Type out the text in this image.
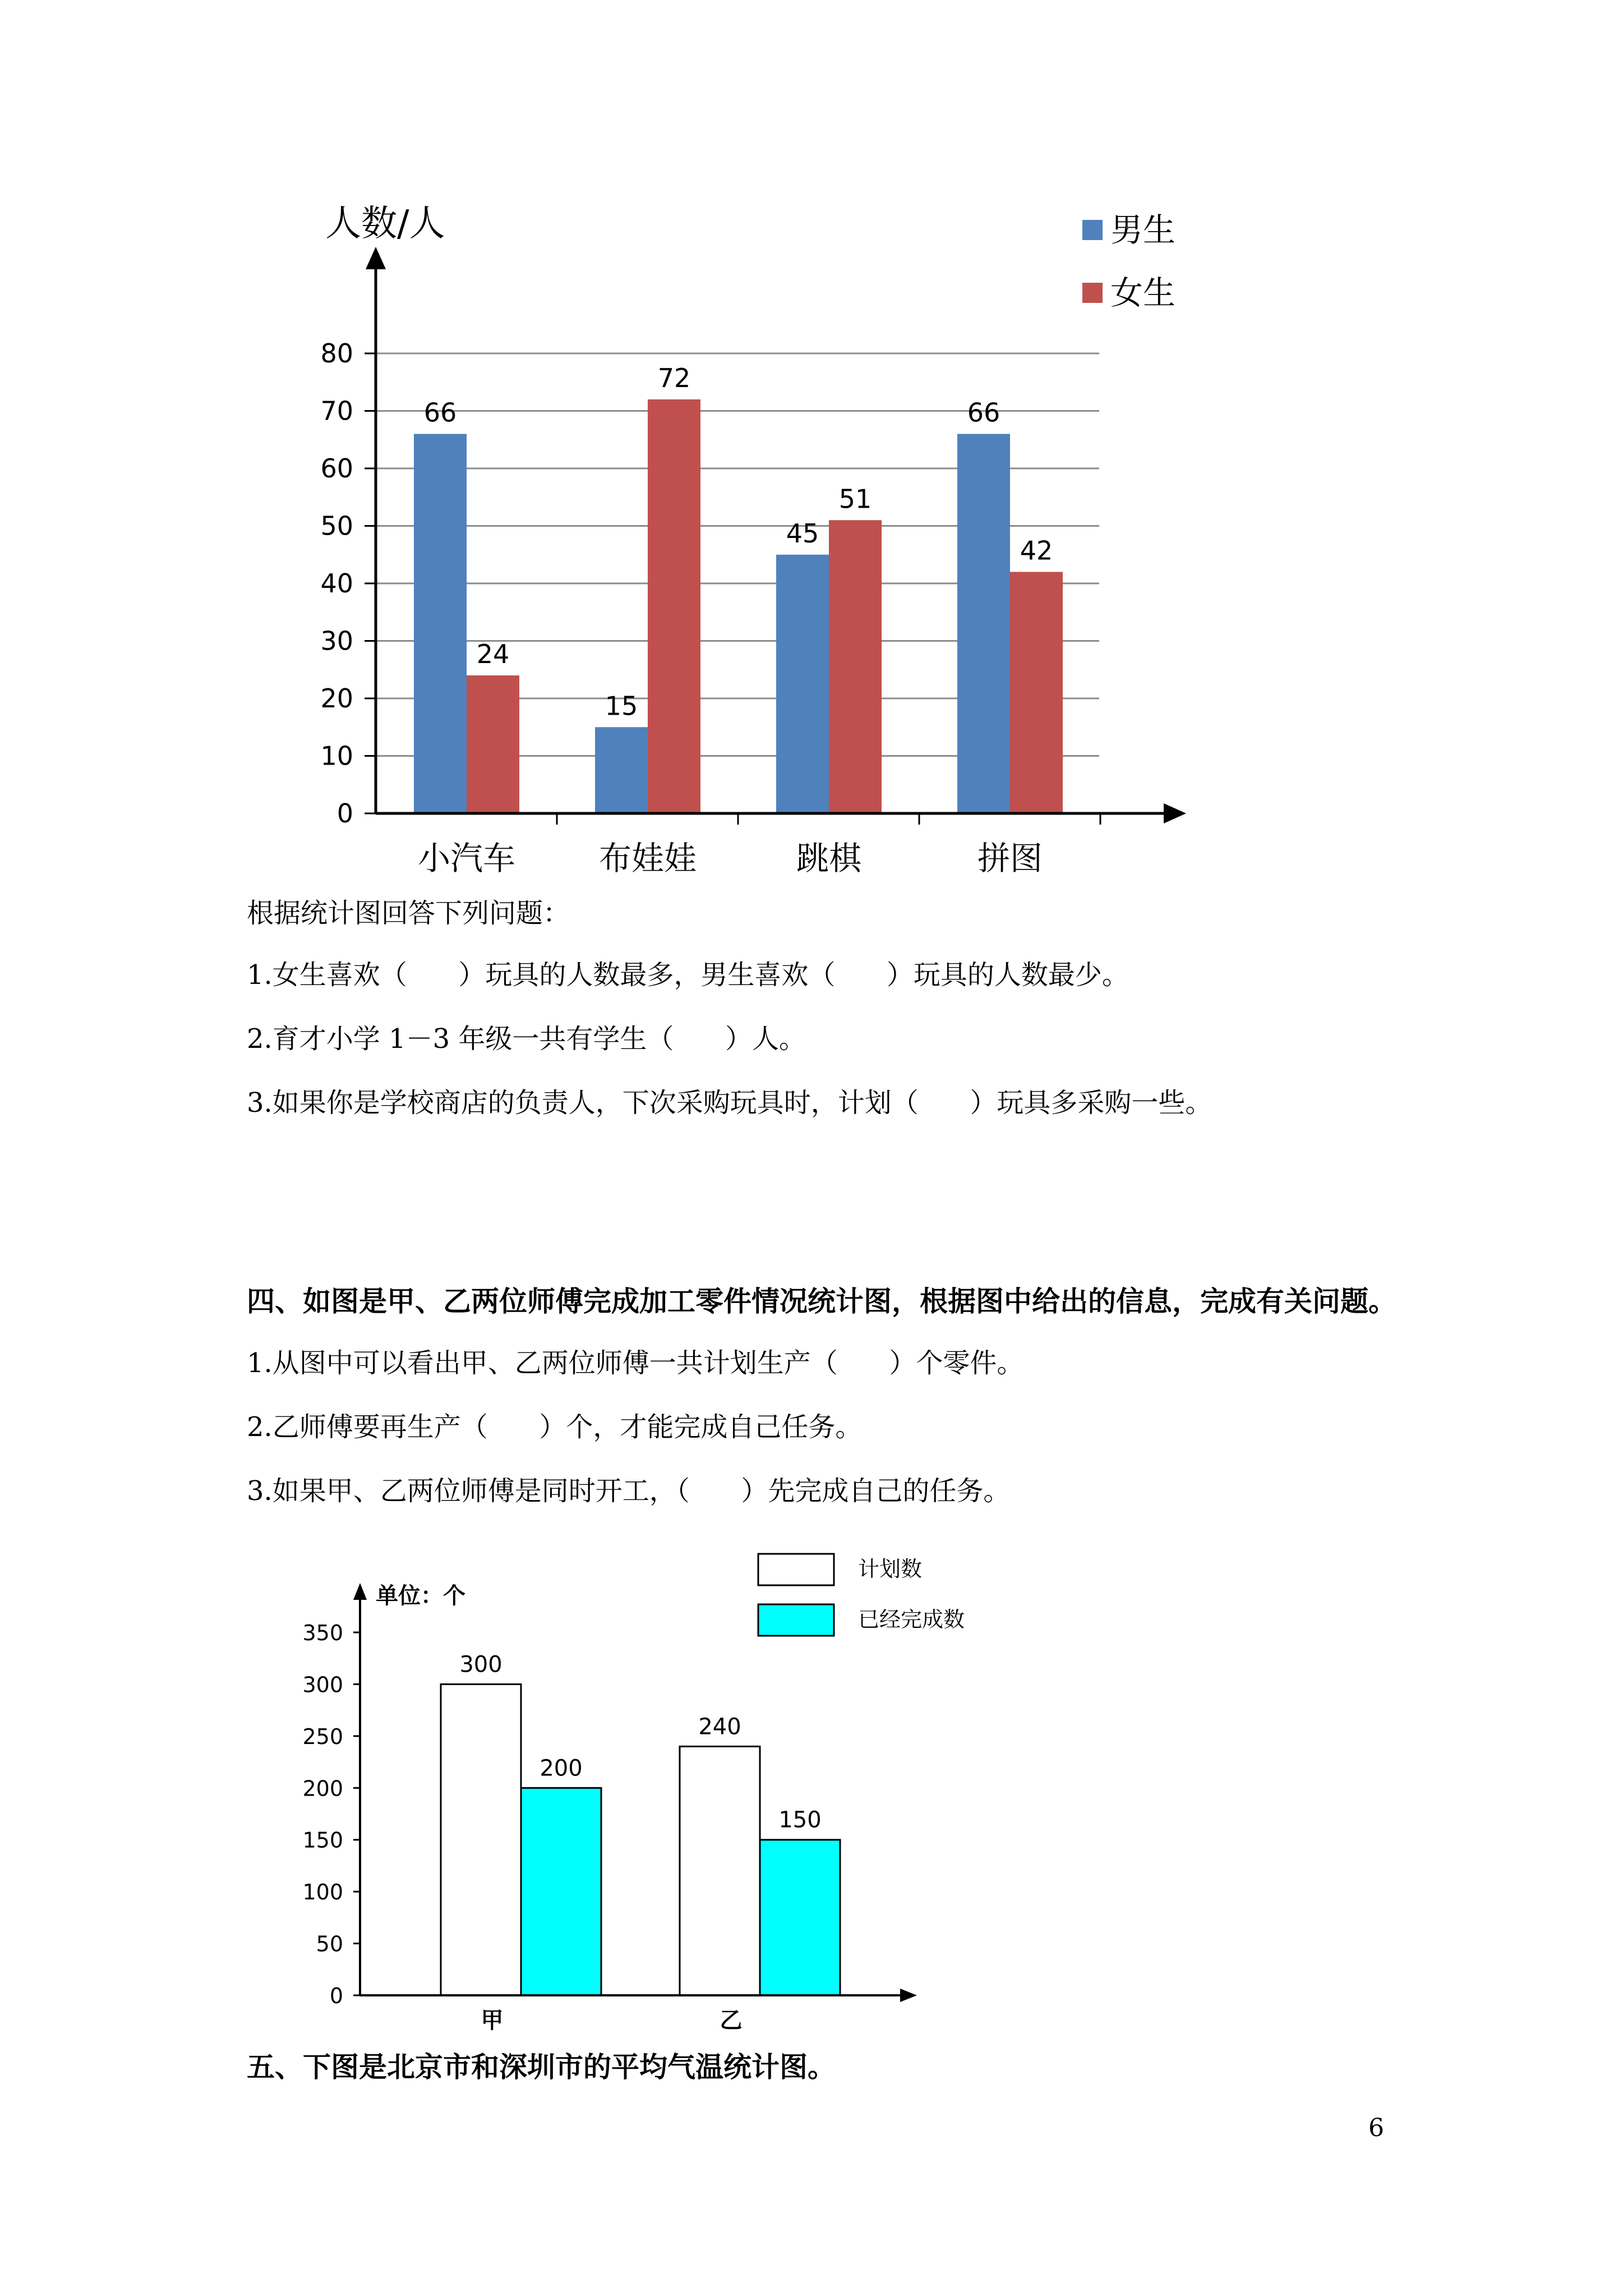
0
10
20
30
40
50
60
70
80
66
24
15
72
45
51
66
42
小汽车	布娃娃	跳棋	拼图
男生
女生
人数/人
根据统计图回答下列问题：
1.女生喜欢（      ）玩具的人数最多，男生喜欢（      ）玩具的人数最少。
2.育才小学 1－3 年级一共有学生（      ）人。
3.如果你是学校商店的负责人，下次采购玩具时，计划（      ）玩具多采购一些。
四、如图是甲、乙两位师傅完成加工零件情况统计图，根据图中给出的信息，完成有关问题。
1.从图中可以看出甲、乙两位师傅一共计划生产（      ）个零件。
2.乙师傅要再生产（      ）个，才能完成自己任务。
3.如果甲、乙两位师傅是同时开工，（      ）先完成自己的任务。
0
50
100
150
200
250
300
350
300
200
240
150
甲	乙
计划数
已经完成数
单位：个
五、下图是北京市和深圳市的平均气温统计图。
6
